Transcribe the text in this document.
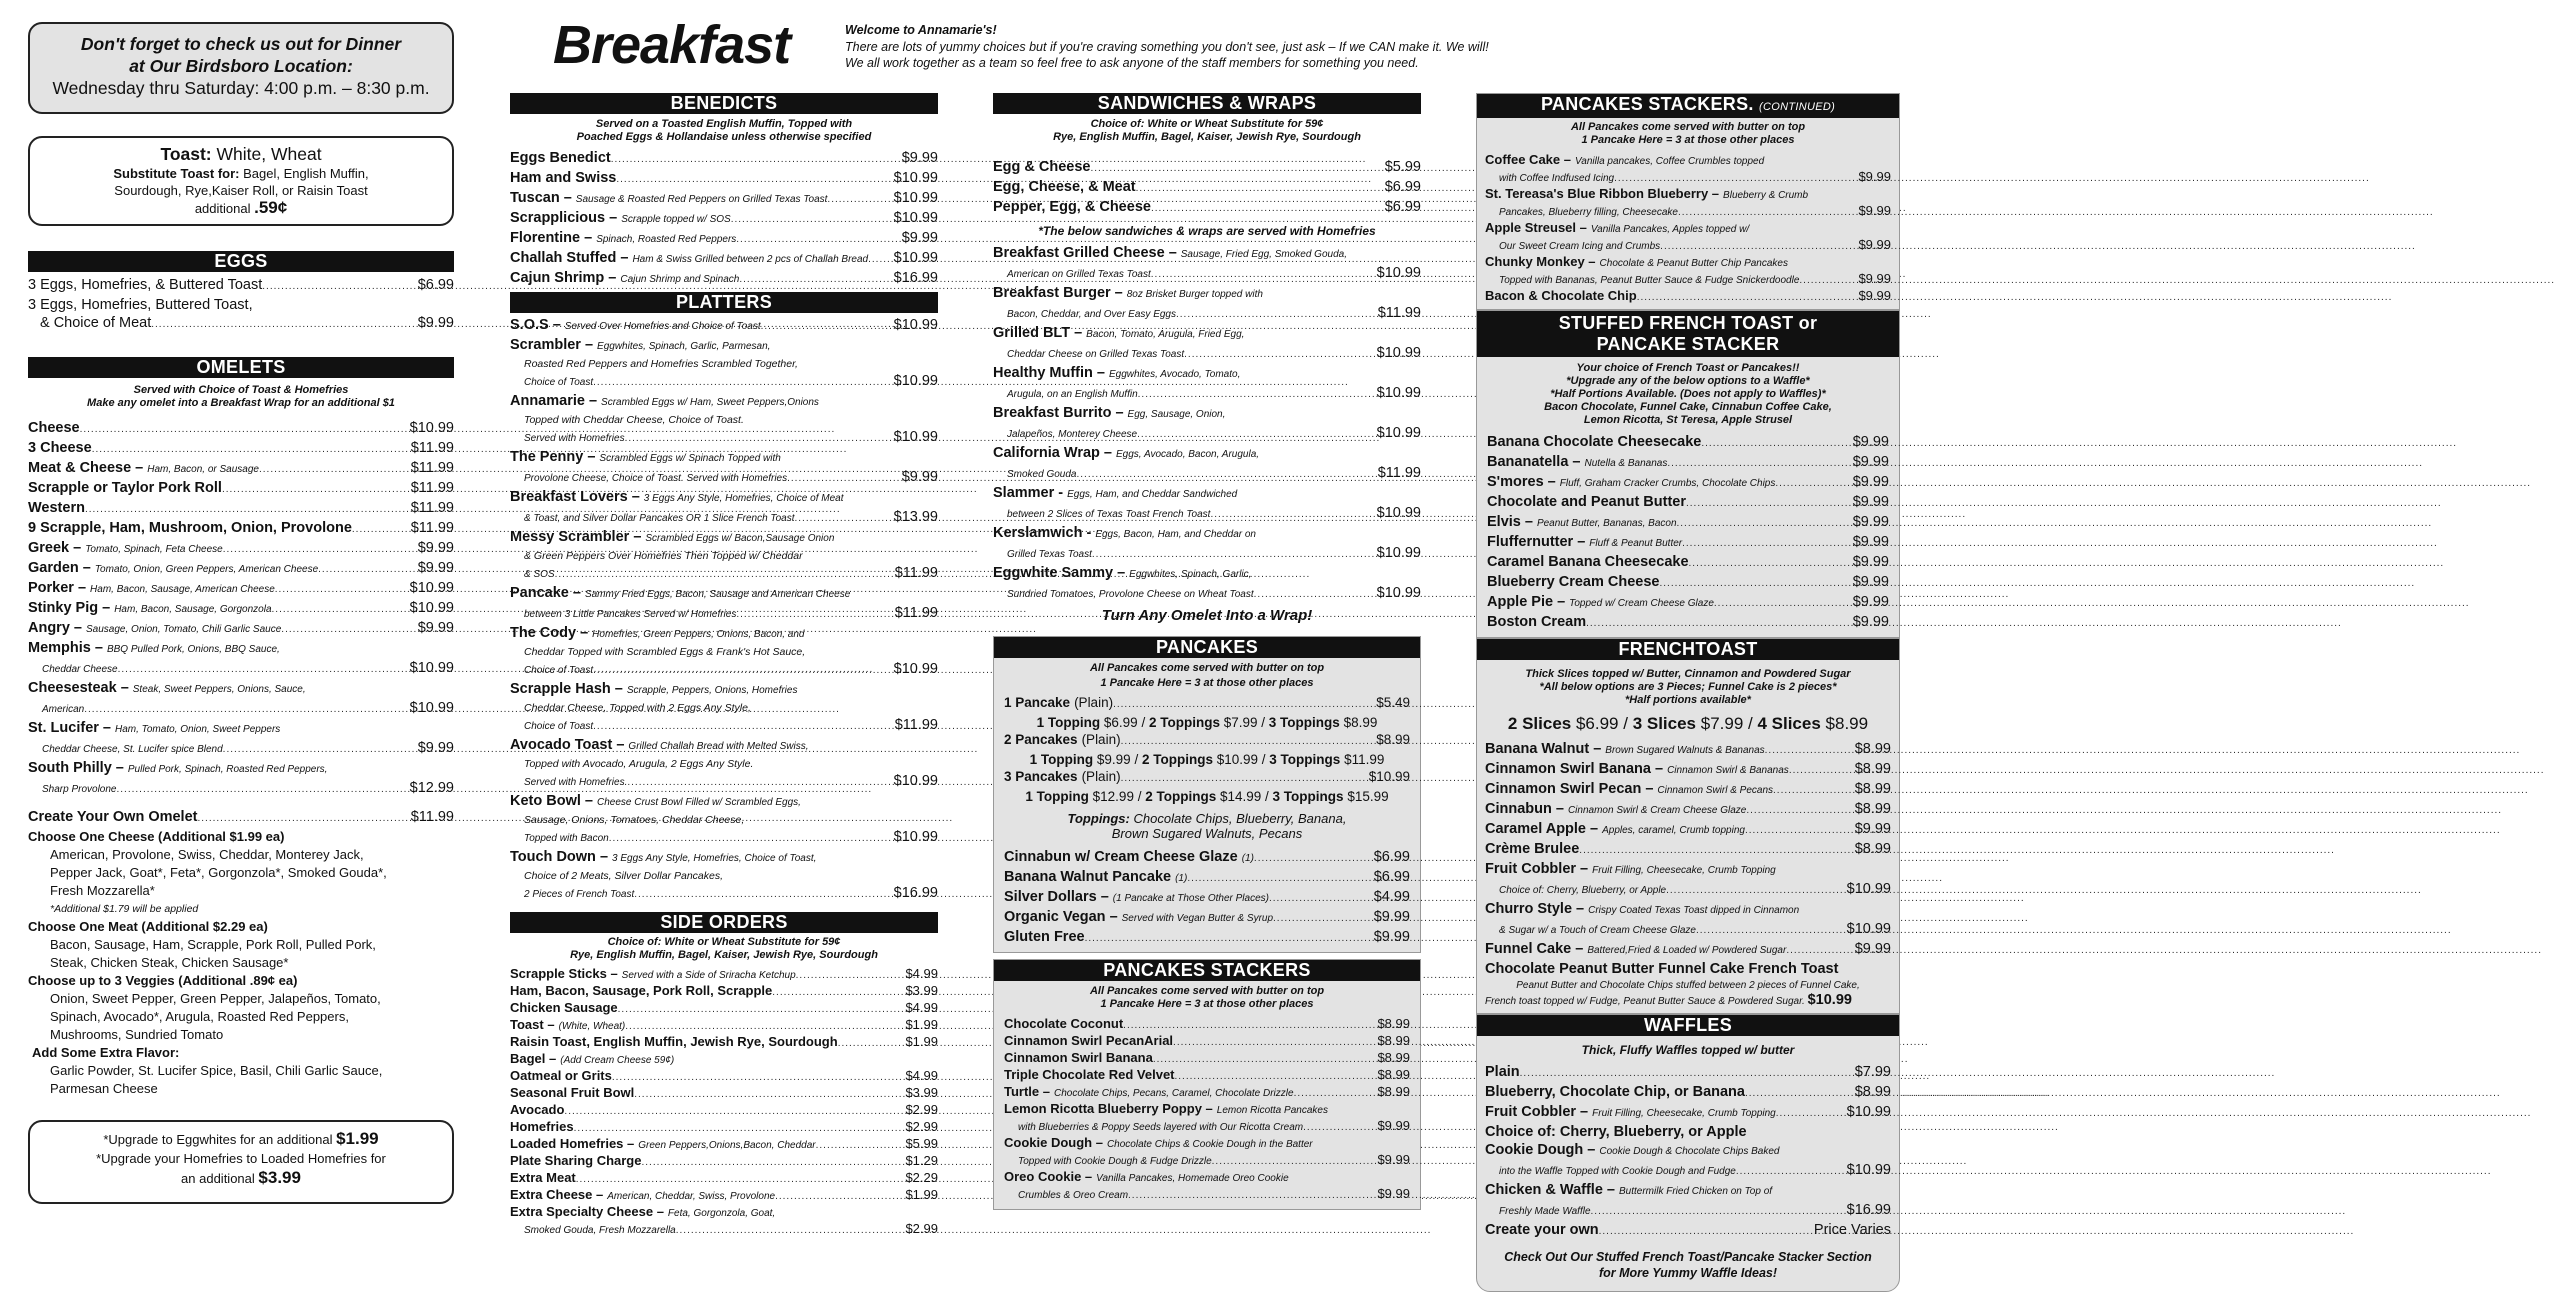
Breakfast	Welcome to Annamarie's!
There are lots of yummy choices but if you're craving something you don't see, just ask – If we CAN make it. We will!
We all work together as a team so feel free to ask anyone of the staff members for something you need.
Don't forget to check us out for Dinner
at Our Birdsboro Location:
Wednesday thru Saturday: 4:00 p.m. – 8:30 p.m.
Toast: White, Wheat
Substitute Toast for: Bagel, English Muffin,
Sourdough, Rye,Kaiser Roll, or Raisin Toast
additional .59¢
EGGS
3 Eggs, Homefries, & Buttered Toast .....	$6.99
3 Eggs, Homefries, Buttered Toast,
& Choice of Meat .....	$9.99
OMELETS
Served with Choice of Toast & Homefries
Make any omelet into a Breakfast Wrap for an additional $1
Cheese .....	$10.99
3 Cheese .....	$11.99
Meat & Cheese – Ham, Bacon, or Sausage .....	$11.99
Scrapple or Taylor Pork Roll .....	$11.99
Western .....	$11.99
9 Scrapple, Ham, Mushroom, Onion, Provolone .....	$11.99
Greek – Tomato, Spinach, Feta Cheese .....	$9.99
Garden – Tomato, Onion, Green Peppers, American Cheese .....	$9.99
Porker – Ham, Bacon, Sausage, American Cheese .....	$10.99
Stinky Pig – Ham, Bacon, Sausage, Gorgonzola .....	$10.99
Angry – Sausage, Onion, Tomato, Chili Garlic Sauce .....	$9.99
Memphis – BBQ Pulled Pork, Onions, BBQ Sauce,
Cheddar Cheese .....	$10.99
Cheesesteak – Steak, Sweet Peppers, Onions, Sauce,
American .....	$10.99
St. Lucifer – Ham, Tomato, Onion, Sweet Peppers
Cheddar Cheese, St. Lucifer spice Blend .....	$9.99
South Philly – Pulled Pork, Spinach, Roasted Red Peppers,
Sharp Provolone .....	$12.99
Create Your Own Omelet .....	$11.99
Choose One Cheese (Additional $1.99 ea)
American, Provolone, Swiss, Cheddar, Monterey Jack,
Pepper Jack, Goat*, Feta*, Gorgonzola*, Smoked Gouda*,
Fresh Mozzarella*
*Additional $1.79 will be applied
Choose One Meat (Additional $2.29 ea)
Bacon, Sausage, Ham, Scrapple, Pork Roll, Pulled Pork,
Steak, Chicken Steak, Chicken Sausage*
Choose up to 3 Veggies (Additional .89¢ ea)
Onion, Sweet Pepper, Green Pepper, Jalapeños, Tomato,
Spinach, Avocado*, Arugula, Roasted Red Peppers,
Mushrooms, Sundried Tomato
Add Some Extra Flavor:
Garlic Powder, St. Lucifer Spice, Basil, Chili Garlic Sauce,
Parmesan Cheese
*Upgrade to Eggwhites for an additional $1.99
*Upgrade your Homefries to Loaded Homefries for
an additional $3.99
BENEDICTS
Served on a Toasted English Muffin, Topped with
Poached Eggs & Hollandaise unless otherwise specified
Eggs Benedict .....	$9.99
Ham and Swiss .....	$10.99
Tuscan – Sausage & Roasted Red Peppers on Grilled Texas Toast .....	$10.99
Scrapplicious – Scrapple topped w/ SOS .....	$10.99
Florentine – Spinach, Roasted Red Peppers .....	$9.99
Challah Stuffed – Ham & Swiss Grilled between 2 pcs of Challah Bread ..... $10.99
Cajun Shrimp – Cajun Shrimp and Spinach .....	$16.99
PLATTERS
S.O.S – Served Over Homefries and Choice of Toast .....	$10.99
Scrambler – Eggwhites, Spinach, Garlic, Parmesan,
Roasted Red Peppers and Homefries Scrambled Together,
Choice of Toast .....	$10.99
Annamarie – Scrambled Eggs w/ Ham, Sweet Peppers,Onions
Topped with Cheddar Cheese, Choice of Toast.
Served with Homefries .....	$10.99
The Penny – Scrambled Eggs w/ Spinach Topped with
Provolone Cheese, Choice of Toast. Served with Homefries .....	$9.99
Breakfast Lovers – 3 Eggs Any Style, Homefries, Choice of Meat
& Toast, and Silver Dollar Pancakes OR 1 Slice French Toast .....	$13.99
Messy Scrambler – Scrambled Eggs w/ Bacon,Sausage Onion
& Green Peppers Over Homefries Then Topped w/ Cheddar
& SOS .....	$11.99
Pancake – Sammy Fried Eggs, Bacon, Sausage and American Cheese
between 3 Little Pancakes Served w/ Homefries .....	$11.99
The Cody – Homefries, Green Peppers, Onions, Bacon, and
Cheddar Topped with Scrambled Eggs & Frank's Hot Sauce,
Choice of Toast .....	$10.99
Scrapple Hash – Scrapple, Peppers, Onions, Homefries
Cheddar Cheese, Topped with 2 Eggs Any Style,
Choice of Toast .....	$11.99
Avocado Toast – Grilled Challah Bread with Melted Swiss,
Topped with Avocado, Arugula, 2 Eggs Any Style.
Served with Homefries. .....	$10.99
Keto Bowl – Cheese Crust Bowl Filled w/ Scrambled Eggs,
Sausage, Onions, Tomatoes, Cheddar Cheese,
Topped with Bacon .....	$10.99
Touch Down – 3 Eggs Any Style, Homefries, Choice of Toast,
Choice of 2 Meats, Silver Dollar Pancakes,
2 Pieces of French Toast .....	$16.99
SIDE ORDERS
Choice of: White or Wheat Substitute for 59¢
Rye, English Muffin, Bagel, Kaiser, Jewish Rye, Sourdough
Scrapple Sticks – Served with a Side of Sriracha Ketchup .....	$4.99
Ham, Bacon, Sausage, Pork Roll, Scrapple .....	$3.99
Chicken Sausage .....	$4.99
Toast – (White, Wheat) .....	$1.99
Raisin Toast, English Muffin, Jewish Rye, Sourdough .....	$1.99
Bagel – (Add Cream Cheese 59¢)
Oatmeal or Grits .....	$4.99
Seasonal Fruit Bowl .....	$3.99
Avocado .....	$2.99
Homefries .....	$2.99
Loaded Homefries – Green Peppers,Onions,Bacon, Cheddar .....	$5.99
Plate Sharing Charge .....	$1.29
Extra Meat .....	$2.29
Extra Cheese – American, Cheddar, Swiss, Provolone .....	$1.99
Extra Specialty Cheese – Feta, Gorgonzola, Goat,
Smoked Gouda, Fresh Mozzarella .....	$2.99
SANDWICHES & WRAPS
Choice of: White or Wheat Substitute for 59¢
Rye, English Muffin, Bagel, Kaiser, Jewish Rye, Sourdough
Egg & Cheese .....	$5.99
Egg, Cheese, & Meat .....	$6.99
Pepper, Egg, & Cheese .....	$6.99
*The below sandwiches & wraps are served with Homefries
Breakfast Grilled Cheese – Sausage, Fried Egg, Smoked Gouda,
American on Grilled Texas Toast .....	$10.99
Breakfast Burger – 8oz Brisket Burger topped with
Bacon, Cheddar, and Over Easy Eggs .....	$11.99
Grilled BLT – Bacon, Tomato, Arugula, Fried Egg,
Cheddar Cheese on Grilled Texas Toast .....	$10.99
Healthy Muffin – Eggwhites, Avocado, Tomato,
Arugula, on an English Muffin .....	$10.99
Breakfast Burrito – Egg, Sausage, Onion,
Jalapeños, Monterey Cheese .....	$10.99
California Wrap – Eggs, Avocado, Bacon, Arugula,
Smoked Gouda .....	$11.99
Slammer - Eggs, Ham, and Cheddar Sandwiched
between 2 Slices of Texas Toast French Toast .....	$10.99
Kerslamwich - Eggs, Bacon, Ham, and Cheddar on
Grilled Texas Toast .....	$10.99
Eggwhite Sammy – Eggwhites, Spinach, Garlic,
Sundried Tomatoes, Provolone Cheese on Wheat Toast .....	$10.99
Turn Any Omelet Into a Wrap!
PANCAKES
All Pancakes come served with butter on top
1 Pancake Here = 3 at those other places
1 Pancake (Plain) .....	$5.49
1 Topping $6.99 / 2 Toppings $7.99 / 3 Toppings $8.99
2 Pancakes (Plain) .....	$8.99
1 Topping $9.99 / 2 Toppings $10.99 / 3 Toppings $11.99
3 Pancakes (Plain) .....	$10.99
1 Topping $12.99 / 2 Toppings $14.99 / 3 Toppings $15.99
Toppings: Chocolate Chips, Blueberry, Banana,
Brown Sugared Walnuts, Pecans
Cinnabun w/ Cream Cheese Glaze (1) .....	$6.99
Banana Walnut Pancake (1) .....	$6.99
Silver Dollars – (1 Pancake at Those Other Places) .....	$4.99
Organic Vegan – Served with Vegan Butter & Syrup .....	$9.99
Gluten Free .....	$9.99
PANCAKES STACKERS
All Pancakes come served with butter on top
1 Pancake Here = 3 at those other places
Chocolate Coconut .....	$8.99
Cinnamon Swirl PecanArial .....	$8.99
Cinnamon Swirl Banana .....	$8.99
Triple Chocolate Red Velvet .....	$8.99
Turtle – Chocolate Chips, Pecans, Caramel, Chocolate Drizzle .....	$8.99
Lemon Ricotta Blueberry Poppy – Lemon Ricotta Pancakes
with Blueberries & Poppy Seeds layered with Our Ricotta Cream .....	$9.99
Cookie Dough – Chocolate Chips & Cookie Dough in the Batter
Topped with Cookie Dough & Fudge Drizzle .....	$9.99
Oreo Cookie – Vanilla Pancakes, Homemade Oreo Cookie
Crumbles & Oreo Cream .....	$9.99
PANCAKES STACKERS. (CONTINUED)
All Pancakes come served with butter on top
1 Pancake Here = 3 at those other places
Coffee Cake – Vanilla pancakes, Coffee Crumbles topped
with Coffee Indfused Icing .....	$9.99
St. Tereasa's Blue Ribbon Blueberry – Blueberry & Crumb
Pancakes, Blueberry filling, Cheesecake .....	$9.99
Apple Streusel – Vanilla Pancakes, Apples topped w/
Our Sweet Cream Icing and Crumbs .....	$9.99
Chunky Monkey – Chocolate & Peanut Butter Chip Pancakes
Topped with Bananas, Peanut Butter Sauce & Fudge Snickerdoodle .....	$9.99
Bacon & Chocolate Chip .....	$9.99
STUFFED FRENCH TOAST or
PANCAKE STACKER
Your choice of French Toast or Pancakes!!
*Upgrade any of the below options to a Waffle*
*Half Portions Available. (Does not apply to Waffles)*
Bacon Chocolate, Funnel Cake, Cinnabun Coffee Cake,
Lemon Ricotta, St Teresa, Apple Strusel
Banana Chocolate Cheesecake .....	$9.99
Bananatella – Nutella & Bananas .....	$9.99
S'mores – Fluff, Graham Cracker Crumbs, Chocolate Chips .....	$9.99
Chocolate and Peanut Butter .....	$9.99
Elvis – Peanut Butter, Bananas, Bacon .....	$9.99
Fluffernutter – Fluff & Peanut Butter .....	$9.99
Caramel Banana Cheesecake .....	$9.99
Blueberry Cream Cheese .....	$9.99
Apple Pie – Topped w/ Cream Cheese Glaze .....	$9.99
Boston Cream .....	$9.99
FRENCHTOAST
Thick Slices topped w/ Butter, Cinnamon and Powdered Sugar
*All below options are 3 Pieces; Funnel Cake is 2 pieces*
*Half portions available*
2 Slices $6.99 / 3 Slices $7.99 / 4 Slices $8.99
Banana Walnut – Brown Sugared Walnuts & Bananas .....	$8.99
Cinnamon Swirl Banana – Cinnamon Swirl & Bananas .....	$8.99
Cinnamon Swirl Pecan – Cinnamon Swirl & Pecans .....	$8.99
Cinnabun – Cinnamon Swirl & Cream Cheese Glaze .....	$8.99
Caramel Apple – Apples, caramel, Crumb topping .....	$9.99
Crème Brulee .....	$8.99
Fruit Cobbler – Fruit Filling, Cheesecake, Crumb Topping
Choice of: Cherry, Blueberry, or Apple .....	$10.99
Churro Style – Crispy Coated Texas Toast dipped in Cinnamon
& Sugar w/ a Touch of Cream Cheese Glaze .....	$10.99
Funnel Cake – Battered,Fried & Loaded w/ Powdered Sugar .....	$9.99
Chocolate Peanut Butter Funnel Cake French Toast
Peanut Butter and Chocolate Chips stuffed between 2 pieces of Funnel Cake,
French toast topped w/ Fudge, Peanut Butter Sauce & Powdered Sugar. $10.99
WAFFLES
Thick, Fluffy Waffles topped w/ butter
Plain .....	$7.99
Blueberry, Chocolate Chip, or Banana .....	$8.99
Fruit Cobbler – Fruit Filling, Cheesecake, Crumb Topping .....	$10.99
Choice of: Cherry, Blueberry, or Apple
Cookie Dough – Cookie Dough & Chocolate Chips Baked
into the Waffle Topped with Cookie Dough and Fudge .....	$10.99
Chicken & Waffle – Buttermilk Fried Chicken on Top of
Freshly Made Waffle .....	$16.99
Create your own .....	Price Varies
Check Out Our Stuffed French Toast/Pancake Stacker Section
for More Yummy Waffle Ideas!
